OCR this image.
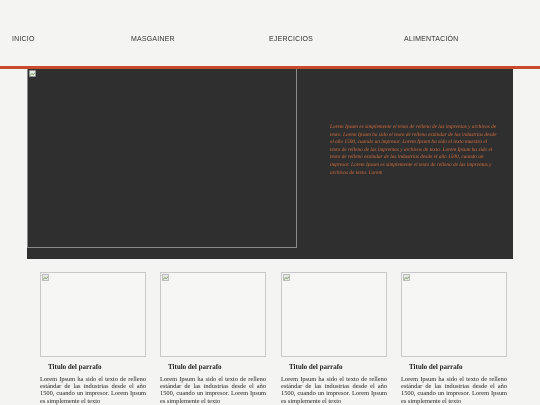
INICIO	MASGAINER	EJERCICIOS	ALIMENTACIÓN
Lorem Ipsum es simplemente el texto de relleno de las imprentas y archivos de texto. Lorem Ipsum ha sido el texto de relleno estándar de las industrias desde el año 1500, cuando un impresor. Lorem Ipsum ha sido el texto muestra el texto de relleno de las imprentas y archivos de texto. Lorem Ipsum ha sido el texto de relleno estándar de las industrias desde el año 1500, cuando un impresor. Lorem Ipsum es simplemente el texto de relleno de las imprentas y archivos de texto. Lorem
Titulo del parrafo
Lorem Ipsum ha sido el texto de relleno estándar de las industrias desde el año 1500, cuando un impresor. Lorem Ipsum es simplemente el texto
Titulo del parrafo
Lorem Ipsum ha sido el texto de relleno estándar de las industrias desde el año 1500, cuando un impresor. Lorem Ipsum es simplemente el texto
Titulo del parrafo
Lorem Ipsum ha sido el texto de relleno estándar de las industrias desde el año 1500, cuando un impresor. Lorem Ipsum es simplemente el texto
Titulo del parrafo
Lorem Ipsum ha sido el texto de relleno estándar de las industrias desde el año 1500, cuando un impresor. Lorem Ipsum es simplemente el texto
